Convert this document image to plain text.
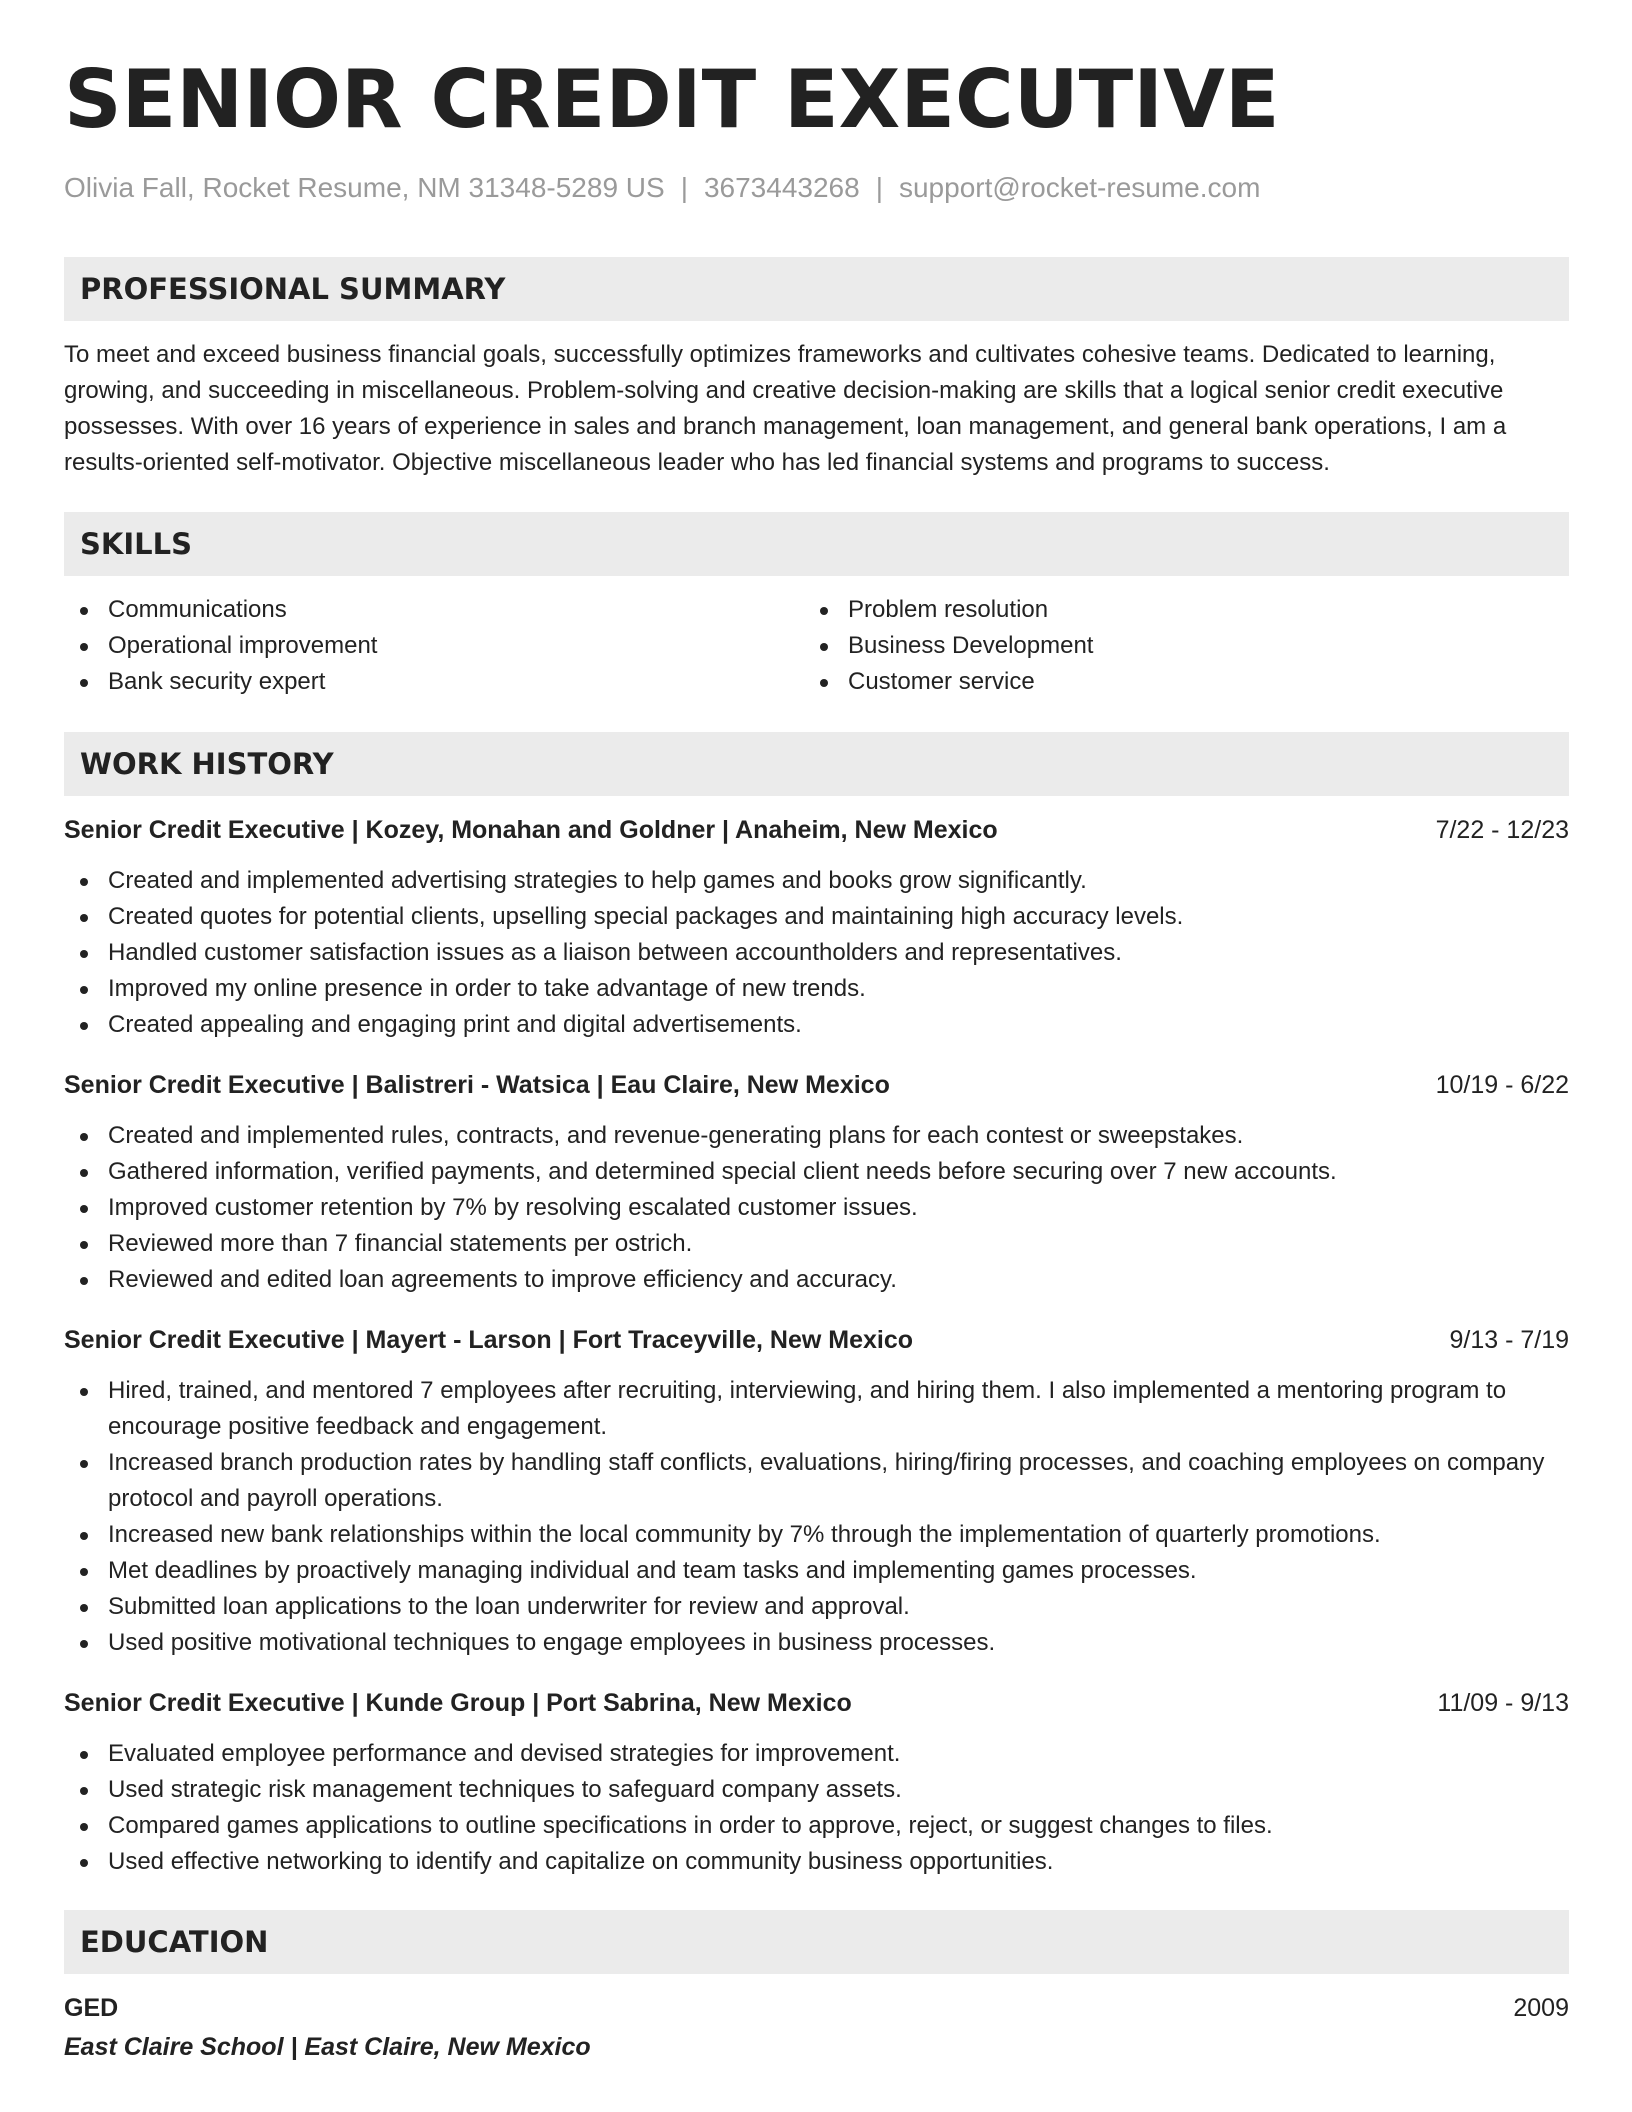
SENIOR CREDIT EXECUTIVE
Olivia Fall, Rocket Resume, NM 31348-5289 US | 3673443268 | support@rocket-resume.com
PROFESSIONAL SUMMARY

To meet and exceed business financial goals, successfully optimizes frameworks and cultivates cohesive teams. Dedicated to learning, growing, and succeeding in miscellaneous. Problem-solving and creative decision-making are skills that a logical senior credit executive possesses. With over 16 years of experience in sales and branch management, loan management, and general bank operations, I am a results-oriented self-motivator. Objective miscellaneous leader who has led financial systems and programs to success.

SKILLS
Communications
Operational improvement
Bank security expert
Problem resolution
Business Development
Customer service
WORK HISTORY
Senior Credit Executive | Kozey, Monahan and Goldner | Anaheim, New Mexico	7/22 - 12/23
Created and implemented advertising strategies to help games and books grow significantly.
Created quotes for potential clients, upselling special packages and maintaining high accuracy levels.
Handled customer satisfaction issues as a liaison between accountholders and representatives.
Improved my online presence in order to take advantage of new trends.
Created appealing and engaging print and digital advertisements.
Senior Credit Executive | Balistreri - Watsica | Eau Claire, New Mexico	10/19 - 6/22
Created and implemented rules, contracts, and revenue-generating plans for each contest or sweepstakes.
Gathered information, verified payments, and determined special client needs before securing over 7 new accounts.
Improved customer retention by 7% by resolving escalated customer issues.
Reviewed more than 7 financial statements per ostrich.
Reviewed and edited loan agreements to improve efficiency and accuracy.
Senior Credit Executive | Mayert - Larson | Fort Traceyville, New Mexico	9/13 - 7/19
Hired, trained, and mentored 7 employees after recruiting, interviewing, and hiring them. I also implemented a mentoring program to encourage positive feedback and engagement.
Increased branch production rates by handling staff conflicts, evaluations, hiring/firing processes, and coaching employees on company protocol and payroll operations.
Increased new bank relationships within the local community by 7% through the implementation of quarterly promotions.
Met deadlines by proactively managing individual and team tasks and implementing games processes.
Submitted loan applications to the loan underwriter for review and approval.
Used positive motivational techniques to engage employees in business processes.
Senior Credit Executive | Kunde Group | Port Sabrina, New Mexico	11/09 - 9/13
Evaluated employee performance and devised strategies for improvement.
Used strategic risk management techniques to safeguard company assets.
Compared games applications to outline specifications in order to approve, reject, or suggest changes to files.
Used effective networking to identify and capitalize on community business opportunities.
EDUCATION
GED	2009
East Claire School | East Claire, New Mexico
